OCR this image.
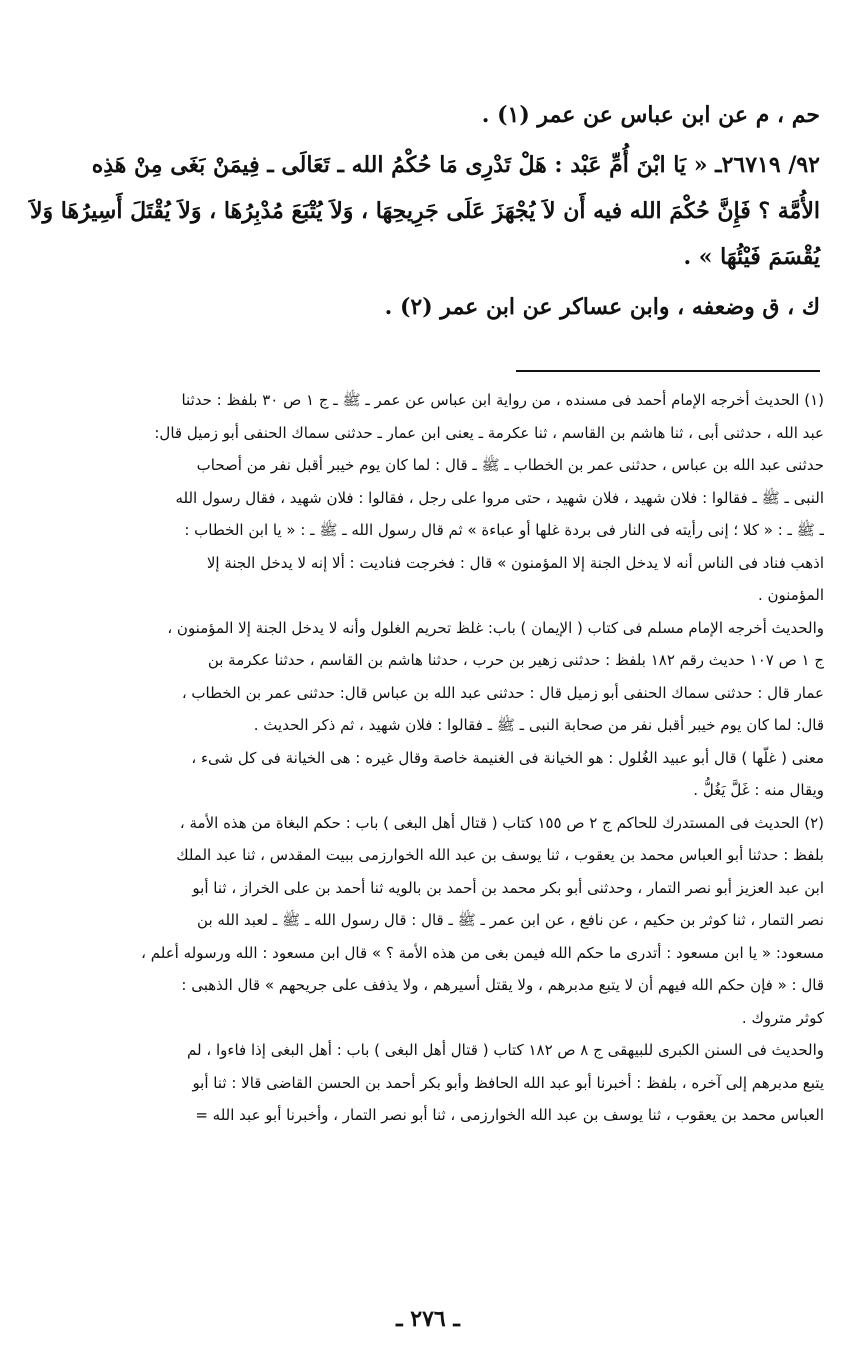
حم ، م عن ابن عباس عن عمر (١) .
٩٢/ ٢٦٧١٩ـ « يَا ابْنَ أُمِّ عَبْد : هَلْ تَدْرِى مَا حُكْمُ الله ـ تَعَالَى ـ فِيمَنْ بَغَى مِنْ هَذِه
الأُمَّة ؟ فَإِنَّ حُكْمَ الله فيه أَن لاَ يُجْهَزَ عَلَى جَرِيحِهَا ، وَلاَ يُتْبَعَ مُدْبِرُهَا ، وَلاَ يُقْتَلَ أَسِيرُهَا وَلاَ
يُقْسَمَ فَيْئُهَا » .
ك ، ق وضعفه ، وابن عساكر عن ابن عمر (٢) .
(١) الحديث أخرجه الإمام أحمد فى مسنده ، من رواية ابن عباس عن عمر ـ ﷺ ـ ج ١ ص ٣٠ بلفظ : حدثنا
عبد الله ، حدثنى أبى ، ثنا هاشم بن القاسم ، ثنا عكرمة ـ يعنى ابن عمار ـ حدثنى سماك الحنفى أبو زميل قال:
حدثنى عبد الله بن عباس ، حدثنى عمر بن الخطاب ـ ﷺ ـ قال : لما كان يوم خيبر أقبل نفر من أصحاب
النبى ـ ﷺ ـ فقالوا : فلان شهيد ، فلان شهيد ، حتى مروا على رجل ، فقالوا : فلان شهيد ، فقال رسول الله
ـ ﷺ ـ : « كلا ؛ إنى رأيته فى النار فى بردة غلها أو عباءة » ثم قال رسول الله ـ ﷺ ـ : « يا ابن الخطاب :
اذهب فناد فى الناس أنه لا يدخل الجنة إلا المؤمنون » قال : فخرجت فناديت : ألا إنه لا يدخل الجنة إلا
المؤمنون .
والحديث أخرجه الإمام مسلم فى كتاب ( الإيمان ) باب: غلظ تحريم الغلول وأنه لا يدخل الجنة إلا المؤمنون ،
ج ١ ص ١٠٧ حديث رقم ١٨٢ بلفظ : حدثنى زهير بن حرب ، حدثنا هاشم بن القاسم ، حدثنا عكرمة بن
عمار قال : حدثنى سماك الحنفى أبو زميل قال : حدثنى عبد الله بن عباس قال: حدثنى عمر بن الخطاب ،
قال: لما كان يوم خيبر أقبل نفر من صحابة النبى ـ ﷺ ـ فقالوا : فلان شهيد ، ثم ذكر الحديث .
معنى ( غلّها ) قال أبو عبيد الغُلول : هو الخيانة فى الغنيمة خاصة وقال غيره : هى الخيانة فى كل شىء ،
ويقال منه : غَلَّ يَغُلُّ .
(٢) الحديث فى المستدرك للحاكم ج ٢ ص ١٥٥ كتاب ( قتال أهل البغى ) باب : حكم البغاة من هذه الأمة ،
بلفظ : حدثنا أبو العباس محمد بن يعقوب ، ثنا يوسف بن عبد الله الخوارزمى ببيت المقدس ، ثنا عبد الملك
ابن عبد العزيز أبو نصر التمار ، وحدثنى أبو بكر محمد بن أحمد بن بالويه ثنا أحمد بن على الخراز ، ثنا أبو
نصر التمار ، ثنا كوثر بن حكيم ، عن نافع ، عن ابن عمر ـ ﷺ ـ قال : قال رسول الله ـ ﷺ ـ لعبد الله بن
مسعود: « يا ابن مسعود : أتدرى ما حكم الله فيمن بغى من هذه الأمة ؟ » قال ابن مسعود : الله ورسوله أعلم ،
قال : « فإن حكم الله فيهم أن لا يتبع مدبرهم ، ولا يقتل أسيرهم ، ولا يذفف على جريحهم » قال الذهبى :
كوثر متروك .
والحديث فى السنن الكبرى للبيهقى ج ٨ ص ١٨٢ كتاب ( قتال أهل البغى ) باب : أهل البغى إذا فاءوا ، لم
يتبع مدبرهم إلى آخره ، بلفظ : أخبرنا أبو عبد الله الحافظ وأبو بكر أحمد بن الحسن القاضى قالا : ثنا أبو
العباس محمد بن يعقوب ، ثنا يوسف بن عبد الله الخوارزمى ، ثنا أبو نصر التمار ، وأخبرنا أبو عبد الله =
ـ ٢٧٦ ـ
